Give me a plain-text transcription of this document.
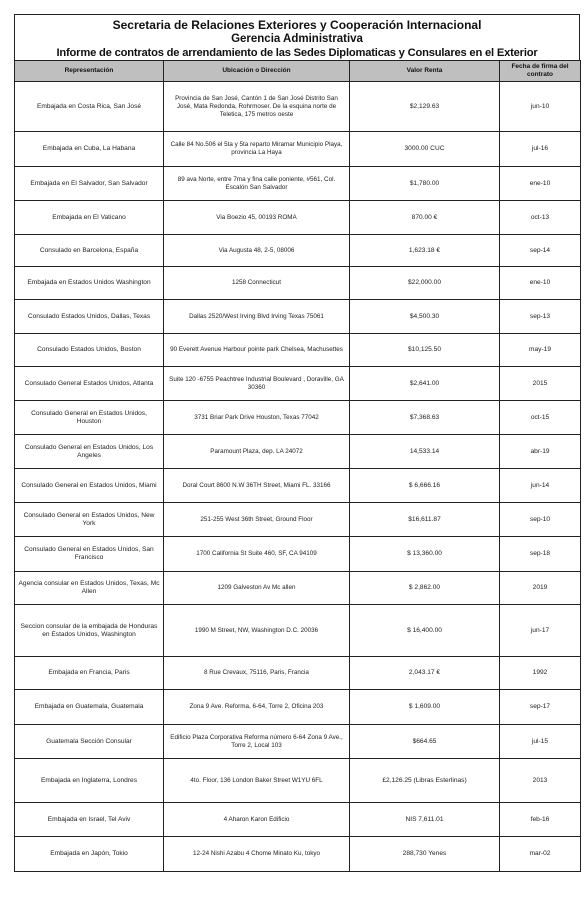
Secretaria de Relaciones Exteriores y Cooperación Internacional
Gerencia Administrativa
Informe de contratos de arrendamiento de las Sedes Diplomaticas y Consulares en el Exterior
Representación	Ubicación o Dirección	Valor Renta	Fecha de firma del contrato
Embajada en Costa Rica, San José	Provincia de San José, Cantón 1 de San José Distrito San José, Mata Redonda, Rohrmoser. De la esquina norte de Teletica, 175 metros oeste	$2,129.63	jun-10
Embajada en Cuba, La Habana	Calle 84 No.506 el 5ta y 5ta reparto Miramar Municipio Playa, provincia La Haya	3000.00 CUC	jul-16
Embajada en El Salvador, San Salvador	89 ava Norte, entre 7ma y fina calle poniente, #561, Col. Escalón San Salvador	$1,780.00	ene-10
Embajada en El Vaticano	Via Boezio 45, 00193 ROMA	870.00 €	oct-13
Consulado en Barcelona, España	Via Augusta 48, 2-5, 08006	1,623.18 €	sep-14
Embajada en Estados Unidos Washington	1258 Connecticut	$22,000.00	ene-10
Consulado Estados Unidos, Dallas, Texas	Dallas 2520/West Irving Blvd Irving Texas 75061	$4,500.30	sep-13
Consulado Estados Unidos, Boston	90 Everett Avenue Harbour pointe park Chelsea, Machusettes	$10,125.50	may-19
Consulado General Estados Unidos, Atlanta	Suite 120 -6755 Peachtree Industrial Boulevard , Doraville, GA 30360	$2,641.00	2015
Consulado General en Estados Unidos, Houston	3731 Briar Park Drive Houston, Texas 77042	$7,368.63	oct-15
Consulado General en Estados Unidos, Los Angeles	Paramount Plaza, dep. LA 24072	14,533.14	abr-19
Consulado General en Estados Unidos, Miami	Doral Court 8600 N.W 36TH Street, Miami FL. 33166	$ 6,666.16	jun-14
Consulado General en Estados Unidos, New York	251-255 West 36th Street, Ground Floor	$16,611.87	sep-10
Consulado General en Estados Unidos, San Francisco	1700 California St Suite 460, SF, CA 94109	$ 13,360.00	sep-18
Agencia consular en Estados Unidos, Texas, Mc Allen	1209 Galveston Av Mc allen	$ 2,862.00	2019
Seccion consular de la embajada de Honduras en Estados Unidos, Washington	1990 M Street, NW, Washington D.C. 20036	$ 16,400.00	jun-17
Embajada en Francia, Paris	8 Rue Crevaux, 75116, Paris, Francia	2,043.17 €	1992
Embajada en Guatemala, Guatemala	Zona 9 Ave. Reforma, 6-64, Torre 2, Oficina 203	$ 1,609.00	sep-17
Guatemala Sección Consular	Edificio Plaza Corporativa Reforma número 6-64 Zona 9 Ave., Torre 2, Local 103	$664.65	jul-15
Embajada en Inglaterra, Londres	4to. Floor, 136 London Baker Street W1YU 6FL	£2,126.25 (Libras Esterlinas)	2013
Embajada en Israel, Tel Aviv	4 Aharon Karon Edificio	NIS 7,611.01	feb-16
Embajada en Japón, Tokio	12-24 Nishi Azabu 4 Chome Minato Ku, tokyo	288,730 Yenes	mar-02
